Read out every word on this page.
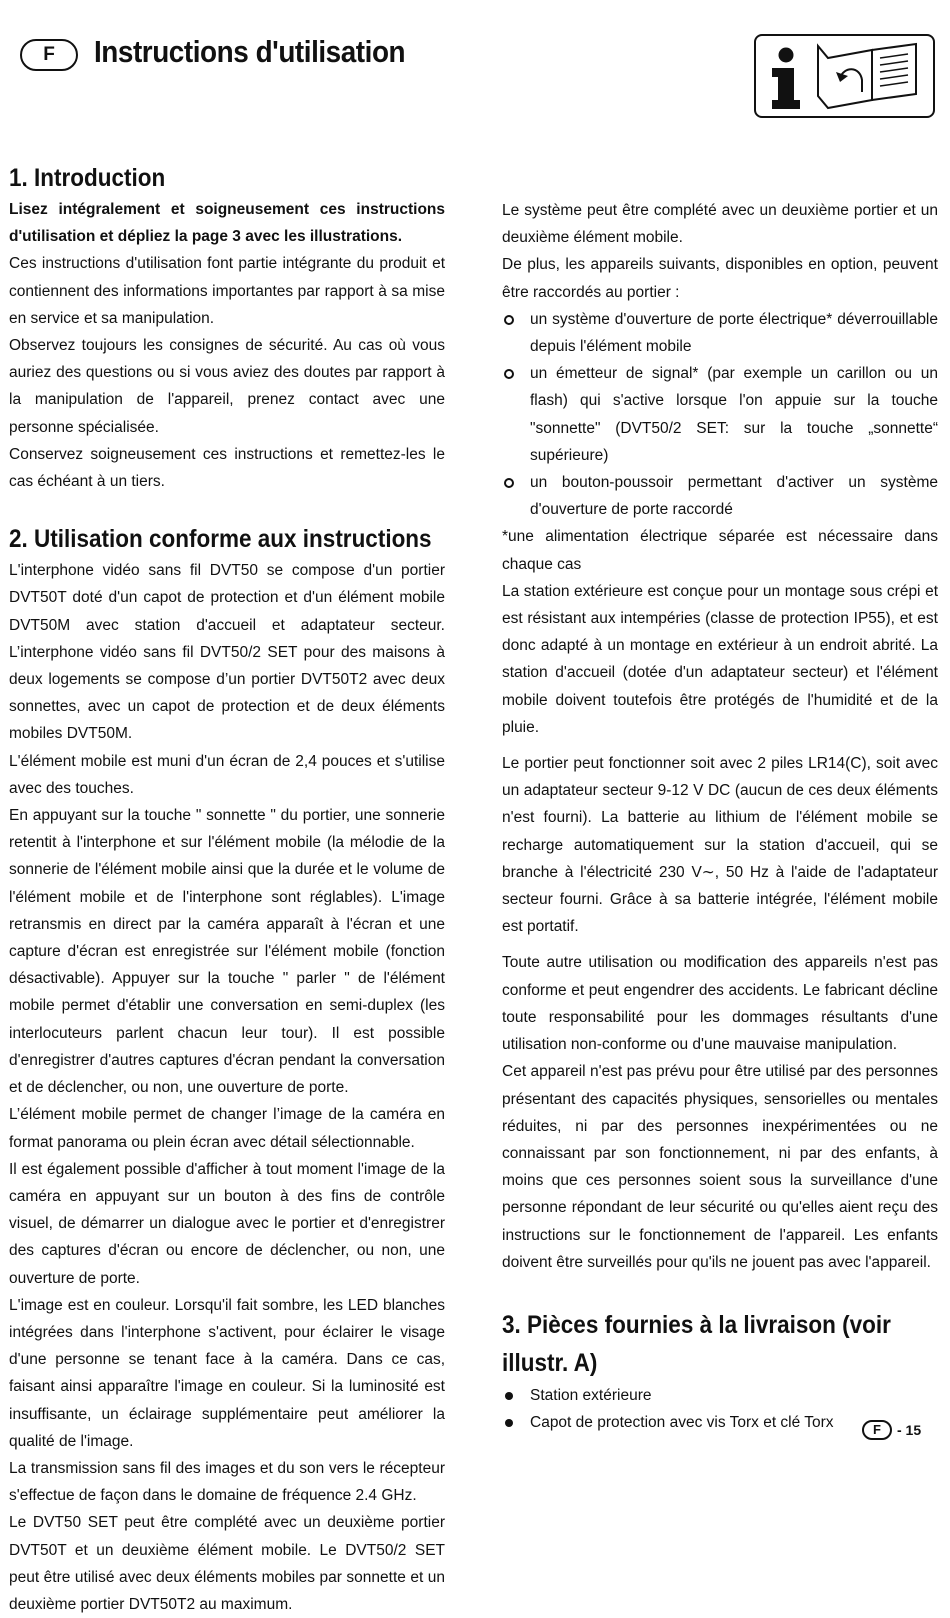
F	Instructions d'utilisation
1. Introduction

Lisez intégralement et soigneusement ces instructions d'utilisation et dépliez la page 3 avec les illustrations.

Ces instructions d'utilisation font partie intégrante du produit et contiennent des informations importantes par rapport à sa mise en service et sa manipulation.

Observez toujours les consignes de sécurité. Au cas où vous auriez des questions ou si vous aviez des doutes par rapport à la manipulation de l'appareil, prenez contact avec une personne spécialisée.

Conservez soigneusement ces instructions et remettez-les le cas échéant à un tiers.

2. Utilisation conforme aux instructions

L'interphone vidéo sans fil DVT50 se compose d'un portier DVT50T doté d'un capot de protection et d'un élément mobile DVT50M avec station d'accueil et adaptateur secteur. L’interphone vidéo sans fil DVT50/2 SET pour des maisons à deux logements se compose d’un portier DVT50T2 avec deux sonnettes, avec un capot de protection et de deux éléments mobiles DVT50M.

L'élément mobile est muni d'un écran de 2,4 pouces et s'utilise avec des touches.

En appuyant sur la touche " sonnette " du portier, une sonnerie retentit à l'interphone et sur l'élément mobile (la mélodie de la sonnerie de l'élément mobile ainsi que la durée et le volume de l'élément mobile et de l'interphone sont réglables). L'image retransmis en direct par la caméra apparaît à l'écran et une capture d'écran est enregistrée sur l'élément mobile (fonction désactivable). Appuyer sur la touche " parler " de l'élément mobile permet d'établir une conversation en semi-duplex (les interlocuteurs parlent chacun leur tour). Il est possible d'enregistrer d'autres captures d'écran pendant la conversation et de déclencher, ou non, une ouverture de porte.

L’élément mobile permet de changer l’image de la caméra en format panorama ou plein écran avec détail sélectionnable.

Il est également possible d'afficher à tout moment l'image de la caméra en appuyant sur un bouton à des fins de contrôle visuel, de démarrer un dialogue avec le portier et d'enregistrer des captures d'écran ou encore de déclencher, ou non, une ouverture de porte.

L'image est en couleur. Lorsqu'il fait sombre, les LED blanches intégrées dans l'interphone s'activent, pour éclairer le visage d'une personne se tenant face à la caméra. Dans ce cas, faisant ainsi apparaître l'image en couleur. Si la luminosité est insuffisante, un éclairage supplémentaire peut améliorer la qualité de l'image.

La transmission sans fil des images et du son vers le récepteur s'effectue de façon dans le domaine de fréquence 2.4 GHz.

Le DVT50 SET peut être complété avec un deuxième portier DVT50T et un deuxième élément mobile. Le DVT50/2 SET peut être utilisé avec deux éléments mobiles par sonnette et un deuxième portier DVT50T2 au maximum.

Le système peut être complété avec un deuxième portier et un deuxième élément mobile.

De plus, les appareils suivants, disponibles en option, peuvent être raccordés au portier :

un système d'ouverture de porte électrique* déverrouillable depuis l'élément mobile
un émetteur de signal* (par exemple un carillon ou un flash) qui s'active lorsque l'on appuie sur la touche "sonnette" (DVT50/2 SET: sur la touche „sonnette“ supérieure)
un bouton-poussoir permettant d'activer un système d'ouverture de porte raccordé

*une alimentation électrique séparée est nécessaire dans chaque cas

La station extérieure est conçue pour un montage sous crépi et est résistant aux intempéries (classe de protection IP55), et est donc adapté à un montage en extérieur à un endroit abrité. La station d'accueil (dotée d'un adaptateur secteur) et l'élément mobile doivent toutefois être protégés de l'humidité et de la pluie.

Le portier peut fonctionner soit avec 2 piles LR14(C), soit avec un adaptateur secteur 9-12 V DC (aucun de ces deux éléments n'est fourni). La batterie au lithium de l'élément mobile se recharge automatiquement sur la station d'accueil, qui se branche à l'électricité 230 V∼, 50 Hz à l'aide de l'adaptateur secteur fourni. Grâce à sa batterie intégrée, l'élément mobile est portatif.

Toute autre utilisation ou modification des appareils n'est pas conforme et peut engendrer des accidents. Le fabricant décline toute responsabilité pour les dommages résultants d'une utilisation non-conforme ou d'une mauvaise manipulation.

Cet appareil n'est pas prévu pour être utilisé par des personnes présentant des capacités physiques, sensorielles ou mentales réduites, ni par des personnes inexpérimentées ou ne connaissant par son fonctionnement, ni par des enfants, à moins que ces personnes soient sous la surveillance d'une personne répondant de leur sécurité ou qu'elles aient reçu des instructions sur le fonctionnement de l'appareil. Les enfants doivent être surveillés pour qu'ils ne jouent pas avec l'appareil.

3. Pièces fournies à la livraison (voir illustr. A)
Station extérieure
Capot de protection avec vis Torx et clé Torx	F - 15
